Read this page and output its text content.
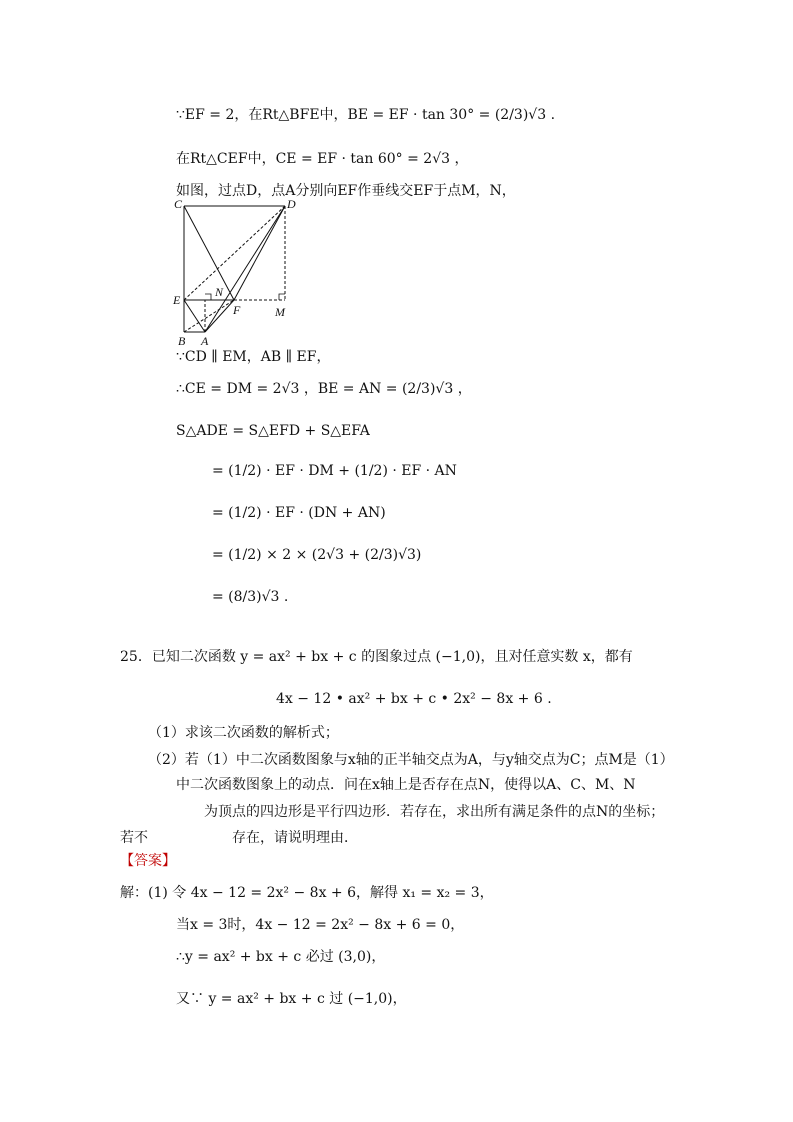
∵EF = 2，在Rt△BFE中，BE = EF · tan 30° = (2/3)√3 .
在Rt△CEF中，CE = EF · tan 60° = 2√3 ，
如图，过点D，点A分别向EF作垂线交EF于点M，N，
C	D
E
N
F	M
B A
∵CD ∥ EM，AB ∥ EF，
∴CE = DM = 2√3 ，BE = AN = (2/3)√3 ，
S△ADE = S△EFD + S△EFA
= (1/2) · EF · DM + (1/2) · EF · AN
= (1/2) · EF · (DN + AN)
= (1/2) × 2 × (2√3 + (2/3)√3)
= (8/3)√3 .
25．已知二次函数 y = ax² + bx + c 的图象过点 (−1,0)，且对任意实数 x，都有
4x − 12 • ax² + bx + c • 2x² − 8x + 6 .
（1）求该二次函数的解析式；
（2）若（1）中二次函数图象与x轴的正半轴交点为A，与y轴交点为C；点M是（1）
中二次函数图象上的动点．问在x轴上是否存在点N，使得以A、C、M、N
为顶点的四边形是平行四边形．若存在，求出所有满足条件的点N的坐标；
若不	存在，请说明理由．
【答案】
解：(1) 令 4x − 12 = 2x² − 8x + 6，解得 x₁ = x₂ = 3，
当x = 3时，4x − 12 = 2x² − 8x + 6 = 0，
∴y = ax² + bx + c 必过 (3,0)，
又∵ y = ax² + bx + c 过 (−1,0)，
